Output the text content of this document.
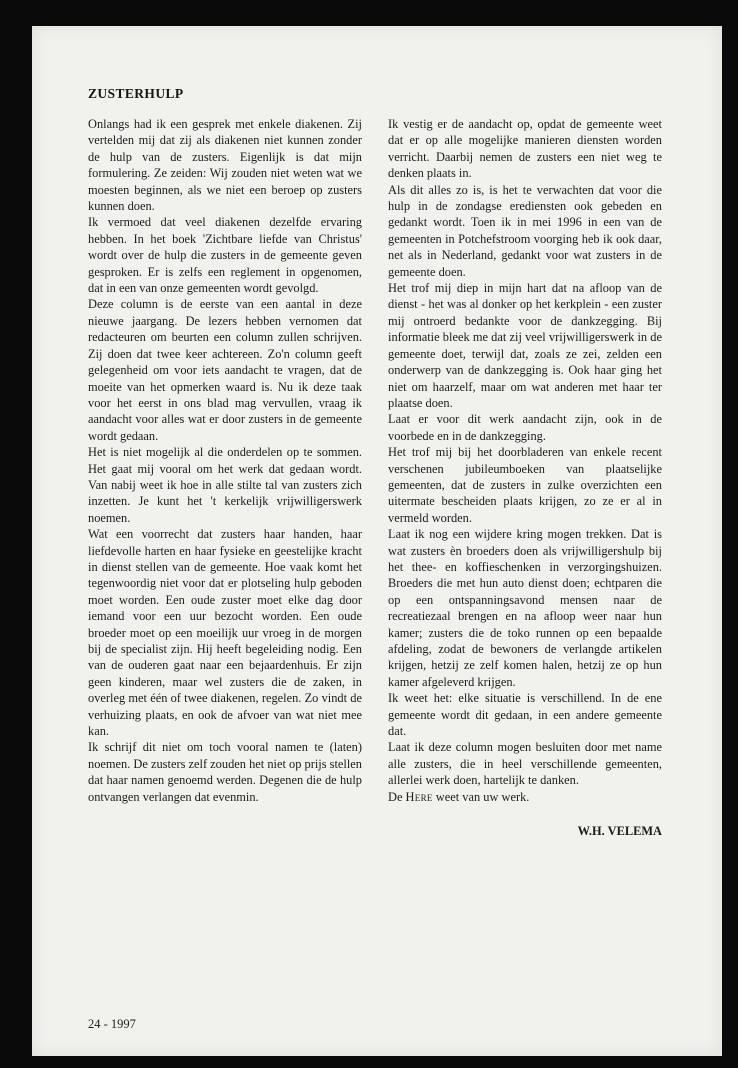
ZUSTERHULP

Onlangs had ik een gesprek met enkele diakenen. Zij vertelden mij dat zij als diakenen niet kunnen zonder de hulp van de zusters. Eigenlijk is dat mijn formulering. Ze zeiden: Wij zouden niet weten wat we moesten beginnen, als we niet een beroep op zusters kunnen doen.

Ik vermoed dat veel diakenen dezelfde ervaring hebben. In het boek 'Zichtbare liefde van Christus' wordt over de hulp die zusters in de gemeente geven gesproken. Er is zelfs een reglement in opgenomen, dat in een van onze gemeenten wordt gevolgd.

Deze column is de eerste van een aantal in deze nieuwe jaargang. De lezers hebben vernomen dat redacteuren om beurten een column zullen schrijven. Zij doen dat twee keer achtereen. Zo'n column geeft gelegenheid om voor iets aandacht te vragen, dat de moeite van het opmerken waard is. Nu ik deze taak voor het eerst in ons blad mag vervullen, vraag ik aandacht voor alles wat er door zusters in de gemeente wordt gedaan.

Het is niet mogelijk al die onderdelen op te sommen. Het gaat mij vooral om het werk dat gedaan wordt. Van nabij weet ik hoe in alle stilte tal van zusters zich inzetten. Je kunt het 't kerkelijk vrijwilligerswerk noemen.

Wat een voorrecht dat zusters haar handen, haar liefdevolle harten en haar fysieke en geestelijke kracht in dienst stellen van de gemeente. Hoe vaak komt het tegenwoordig niet voor dat er plotseling hulp geboden moet worden. Een oude zuster moet elke dag door iemand voor een uur bezocht worden. Een oude broeder moet op een moeilijk uur vroeg in de morgen bij de specialist zijn. Hij heeft begeleiding nodig. Een van de ouderen gaat naar een bejaardenhuis. Er zijn geen kinderen, maar wel zusters die de zaken, in overleg met één of twee diakenen, regelen. Zo vindt de verhuizing plaats, en ook de afvoer van wat niet mee kan.

Ik schrijf dit niet om toch vooral namen te (laten) noemen. De zusters zelf zouden het niet op prijs stellen dat haar namen genoemd werden. Degenen die de hulp ontvangen verlangen dat evenmin.

Ik vestig er de aandacht op, opdat de gemeente weet dat er op alle mogelijke manieren diensten worden verricht. Daarbij nemen de zusters een niet weg te denken plaats in.

Als dit alles zo is, is het te verwachten dat voor die hulp in de zondagse erediensten ook gebeden en gedankt wordt. Toen ik in mei 1996 in een van de gemeenten in Potchefstroom voorging heb ik ook daar, net als in Nederland, gedankt voor wat zusters in de gemeente doen.

Het trof mij diep in mijn hart dat na afloop van de dienst - het was al donker op het kerkplein - een zuster mij ontroerd bedankte voor de dankzegging. Bij informatie bleek me dat zij veel vrijwilligerswerk in de gemeente doet, terwijl dat, zoals ze zei, zelden een onderwerp van de dankzegging is. Ook haar ging het niet om haarzelf, maar om wat anderen met haar ter plaatse doen.

Laat er voor dit werk aandacht zijn, ook in de voorbede en in de dankzegging.

Het trof mij bij het doorbladeren van enkele recent verschenen jubileumboeken van plaatselijke gemeenten, dat de zusters in zulke overzichten een uitermate bescheiden plaats krijgen, zo ze er al in vermeld worden.

Laat ik nog een wijdere kring mogen trekken. Dat is wat zusters èn broeders doen als vrijwilligershulp bij het thee- en koffieschenken in verzorgingshuizen. Broeders die met hun auto dienst doen; echtparen die op een ontspanningsavond mensen naar de recreatiezaal brengen en na afloop weer naar hun kamer; zusters die de toko runnen op een bepaalde afdeling, zodat de bewoners de verlangde artikelen krijgen, hetzij ze zelf komen halen, hetzij ze op hun kamer afgeleverd krijgen.

Ik weet het: elke situatie is verschillend. In de ene gemeente wordt dit gedaan, in een andere gemeente dat.

Laat ik deze column mogen besluiten door met name alle zusters, die in heel verschillende gemeenten, allerlei werk doen, hartelijk te danken.

De Here weet van uw werk.

W.H. VELEMA

24 - 1997
